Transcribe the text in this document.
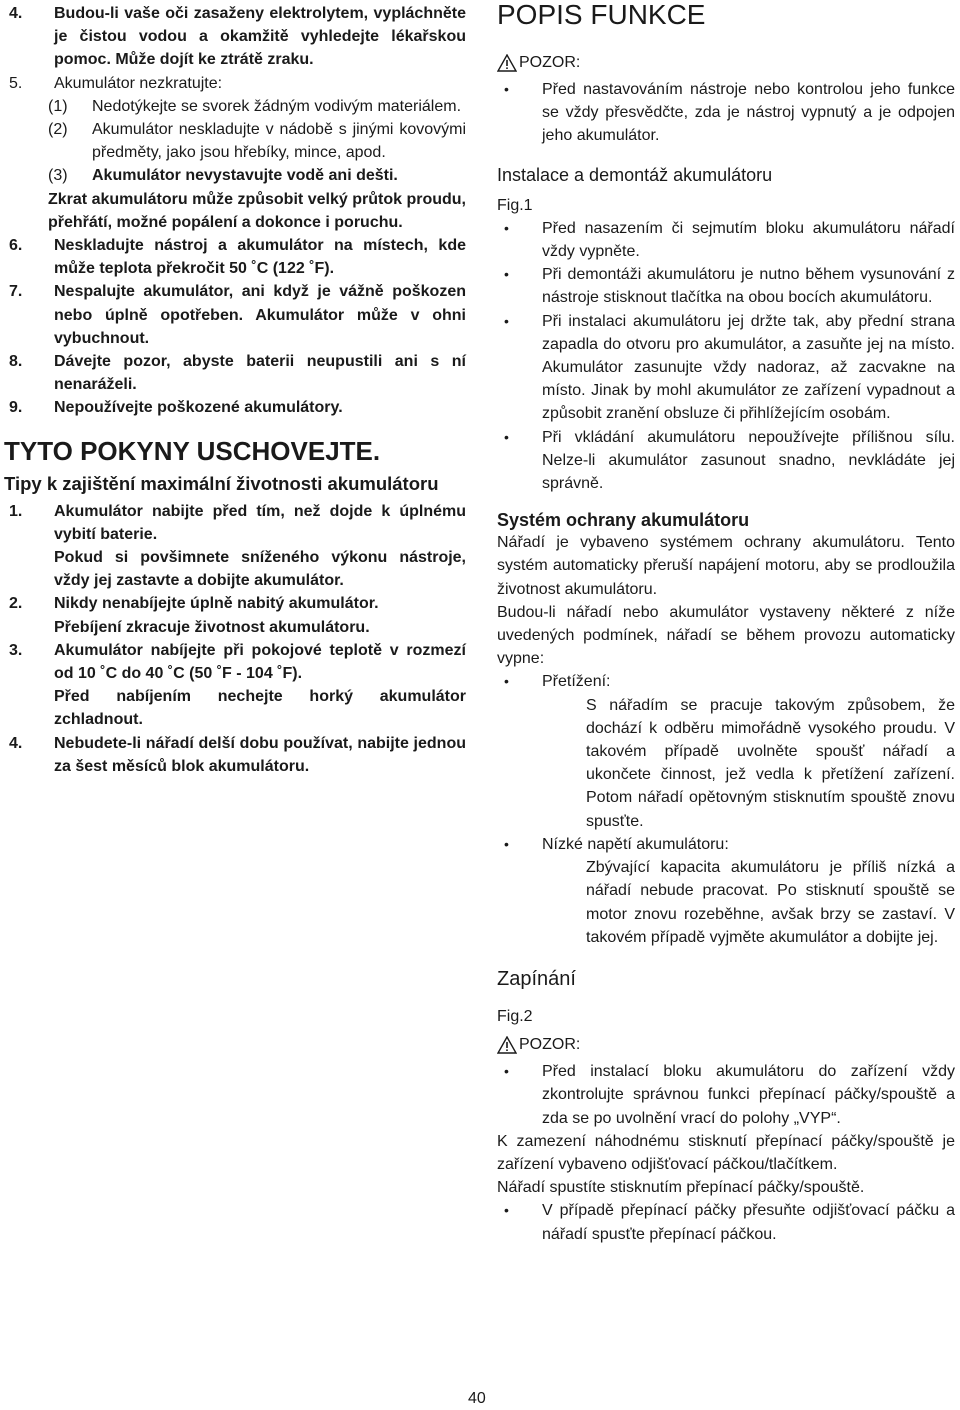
4. Budou-li vaše oči zasaženy elektrolytem, vypláchněte je čistou vodou a okamžitě vyhledejte lékařskou pomoc. Může dojít ke ztrátě zraku.
5. Akumulátor nezkratujte:
(1) Nedotýkejte se svorek žádným vodivým materiálem.
(2) Akumulátor neskladujte v nádobě s jinými kovovými předměty, jako jsou hřebíky, mince, apod.
(3) Akumulátor nevystavujte vodě ani dešti.
Zkrat akumulátoru může způsobit velký průtok proudu, přehřátí, možné popálení a dokonce i poruchu.
6. Neskladujte nástroj a akumulátor na místech, kde může teplota překročit 50 ˚C (122 ˚F).
7. Nespalujte akumulátor, ani když je vážně poškozen nebo úplně opotřeben. Akumulátor může v ohni vybuchnout.
8. Dávejte pozor, abyste baterii neupustili ani s ní nenaráželi.
9. Nepoužívejte poškozené akumulátory.
TYTO POKYNY USCHOVEJTE.
Tipy k zajištění maximální životnosti akumulátoru
1. Akumulátor nabijte před tím, než dojde k úplnému vybití baterie.
Pokud si povšimnete sníženého výkonu nástroje, vždy jej zastavte a dobijte akumulátor.
2. Nikdy nenabíjejte úplně nabitý akumulátor.
Přebíjení zkracuje životnost akumulátoru.
3. Akumulátor nabíjejte při pokojové teplotě v rozmezí od 10 ˚C do 40 ˚C (50 ˚F - 104 ˚F).
Před nabíjením nechejte horký akumulátor zchladnout.
4. Nebudete-li nářadí delší dobu používat, nabijte jednou za šest měsíců blok akumulátoru.
POPIS FUNKCE
POZOR:
• Před nastavováním nástroje nebo kontrolou jeho funkce se vždy přesvědčte, zda je nástroj vypnutý a je odpojen jeho akumulátor.
Instalace a demontáž akumulátoru
Fig.1
• Před nasazením či sejmutím bloku akumulátoru nářadí vždy vypněte.
• Při demontáži akumulátoru je nutno během vysunování z nástroje stisknout tlačítka na obou bocích akumulátoru.
• Při instalaci akumulátoru jej držte tak, aby přední strana zapadla do otvoru pro akumulátor, a zasuňte jej na místo. Akumulátor zasunujte vždy nadoraz, až zacvakne na místo. Jinak by mohl akumulátor ze zařízení vypadnout a způsobit zranění obsluze či přihlížejícím osobám.
• Při vkládání akumulátoru nepoužívejte přílišnou sílu. Nelze-li akumulátor zasunout snadno, nevkládáte jej správně.
Systém ochrany akumulátoru
Nářadí je vybaveno systémem ochrany akumulátoru. Tento systém automaticky přeruší napájení motoru, aby se prodloužila životnost akumulátoru.
Budou-li nářadí nebo akumulátor vystaveny některé z níže uvedených podmínek, nářadí se během provozu automaticky vypne:
• Přetížení:
S nářadím se pracuje takovým způsobem, že dochází k odběru mimořádně vysokého proudu. V takovém případě uvolněte spoušť nářadí a ukončete činnost, jež vedla k přetížení zařízení. Potom nářadí opětovným stisknutím spouště znovu spusťte.
• Nízké napětí akumulátoru:
Zbývající kapacita akumulátoru je příliš nízká a nářadí nebude pracovat. Po stisknutí spouště se motor znovu rozeběhne, avšak brzy se zastaví. V takovém případě vyjměte akumulátor a dobijte jej.
Zapínání
Fig.2
POZOR:
• Před instalací bloku akumulátoru do zařízení vždy zkontrolujte správnou funkci přepínací páčky/spouště a zda se po uvolnění vrací do polohy „VYP“.
K zamezení náhodnému stisknutí přepínací páčky/spouště je zařízení vybaveno odjišťovací páčkou/tlačítkem.
Nářadí spustíte stisknutím přepínací páčky/spouště.
• V případě přepínací páčky přesuňte odjišťovací páčku a nářadí spusťte přepínací páčkou.
40
